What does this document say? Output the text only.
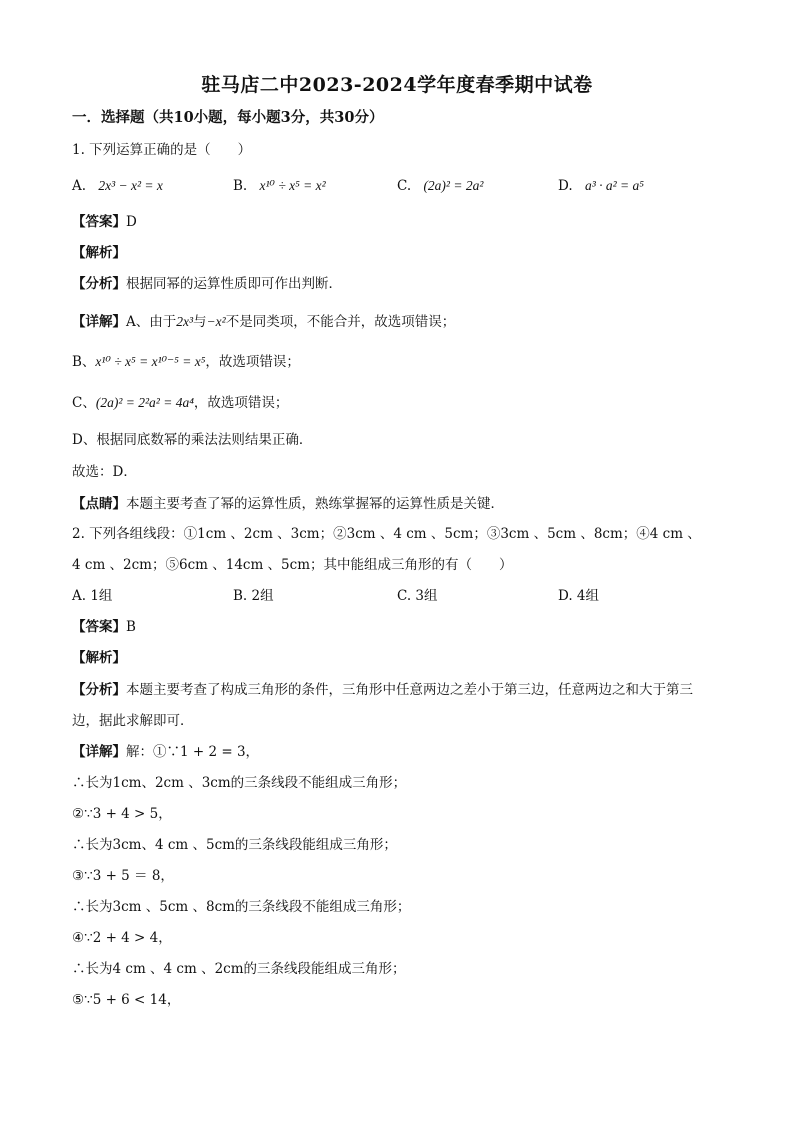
驻马店二中2023-2024学年度春季期中试卷
一．选择题（共10小题，每小题3分，共30分）
1. 下列运算正确的是（　　）
A. 2x³ − x² = x	B. x¹⁰ ÷ x⁵ = x²	C. (2a)² = 2a²	D. a³ · a² = a⁵
【答案】D
【解析】
【分析】根据同幂的运算性质即可作出判断．
【详解】A、由于2x³与−x²不是同类项，不能合并，故选项错误；
B、x¹⁰ ÷ x⁵ = x¹⁰⁻⁵ = x⁵，故选项错误；
C、(2a)² = 2²a² = 4a⁴，故选项错误；
D、根据同底数幂的乘法法则结果正确．
故选：D．
【点睛】本题主要考查了幂的运算性质，熟练掌握幂的运算性质是关键．
2. 下列各组线段：①1cm 、2cm 、3cm；②3cm 、4 cm 、5cm；③3cm 、5cm 、8cm；④4 cm 、
4 cm 、2cm；⑤6cm 、14cm 、5cm；其中能组成三角形的有（　　）
A. 1组	B. 2组	C. 3组	D. 4组
【答案】B
【解析】
【分析】本题主要考查了构成三角形的条件，三角形中任意两边之差小于第三边，任意两边之和大于第三
边，据此求解即可．
【详解】解：①∵1 + 2 = 3，
∴长为1cm、2cm 、3cm的三条线段不能组成三角形；
②∵3 + 4 > 5，
∴长为3cm、4 cm 、5cm的三条线段能组成三角形；
③∵3 + 5 ＝ 8，
∴长为3cm 、5cm 、8cm的三条线段不能组成三角形；
④∵2 + 4 > 4，
∴长为4 cm 、4 cm 、2cm的三条线段能组成三角形；
⑤∵5 + 6 < 14，
